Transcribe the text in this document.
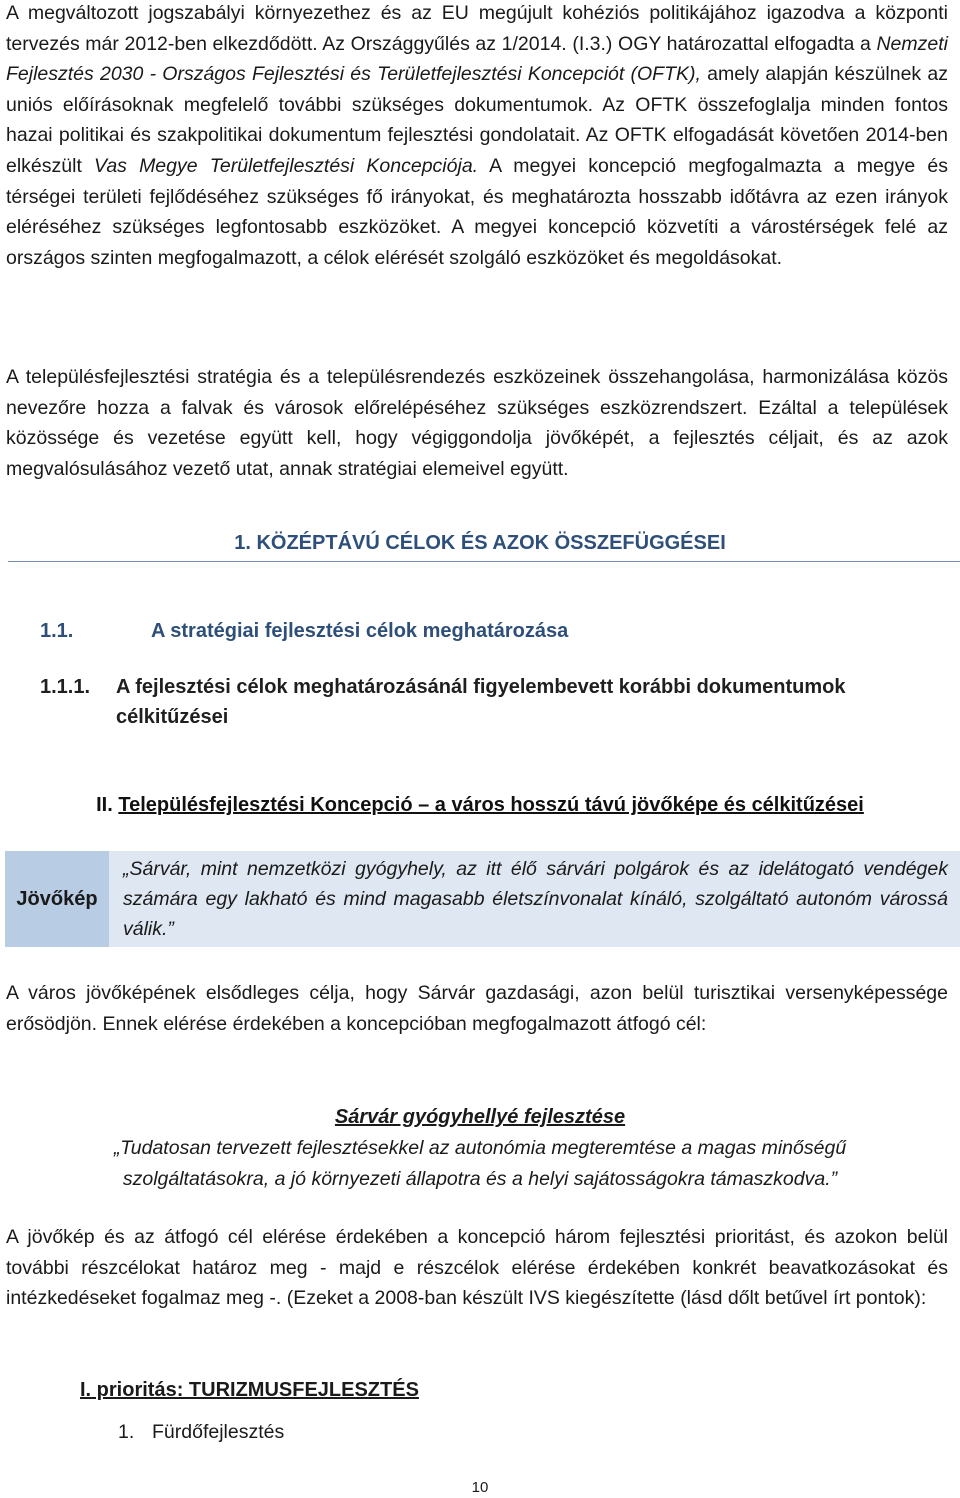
A megváltozott jogszabályi környezethez és az EU megújult kohéziós politikájához igazodva a központi tervezés már 2012-ben elkezdődött. Az Országgyűlés az 1/2014. (I.3.) OGY határozattal elfogadta a Nemzeti Fejlesztés 2030 - Országos Fejlesztési és Területfejlesztési Koncepciót (OFTK), amely alapján készülnek az uniós előírásoknak megfelelő további szükséges dokumentumok. Az OFTK összefoglalja minden fontos hazai politikai és szakpolitikai dokumentum fejlesztési gondolatait. Az OFTK elfogadását követően 2014-ben elkészült Vas Megye Területfejlesztési Koncepciója. A megyei koncepció megfogalmazta a megye és térségei területi fejlődéséhez szükséges fő irányokat, és meghatározta hosszabb időtávra az ezen irányok eléréséhez szükséges legfontosabb eszközöket. A megyei koncepció közvetíti a várostérségek felé az országos szinten megfogalmazott, a célok elérését szolgáló eszközöket és megoldásokat.

A településfejlesztési stratégia és a településrendezés eszközeinek összehangolása, harmonizálása közös nevezőre hozza a falvak és városok előrelépéséhez szükséges eszközrendszert. Ezáltal a települések közössége és vezetése együtt kell, hogy végiggondolja jövőképét, a fejlesztés céljait, és az azok megvalósulásához vezető utat, annak stratégiai elemeivel együtt.

1. KÖZÉPTÁVÚ CÉLOK ÉS AZOK ÖSSZEFÜGGÉSEI
1.1.	A stratégiai fejlesztési célok meghatározása
1.1.1. A fejlesztési célok meghatározásánál figyelembevett korábbi dokumentumok célkitűzései
II. Településfejlesztési Koncepció – a város hosszú távú jövőképe és célkitűzései
Jövőkép
„Sárvár, mint nemzetközi gyógyhely, az itt élő sárvári polgárok és az idelátogató vendégek számára egy lakható és mind magasabb életszínvonalat kínáló, szolgáltató autonóm várossá válik.”

A város jövőképének elsődleges célja, hogy Sárvár gazdasági, azon belül turisztikai versenyképessége erősödjön. Ennek elérése érdekében a koncepcióban megfogalmazott átfogó cél:

Sárvár gyógyhellyé fejlesztése
„Tudatosan tervezett fejlesztésekkel az autonómia megteremtése a magas minőségű szolgáltatásokra, a jó környezeti állapotra és a helyi sajátosságokra támaszkodva.”

A jövőkép és az átfogó cél elérése érdekében a koncepció három fejlesztési prioritást, és azokon belül további részcélokat határoz meg - majd e részcélok elérése érdekében konkrét beavatkozásokat és intézkedéseket fogalmaz meg -. (Ezeket a 2008-ban készült IVS kiegészítette (lásd dőlt betűvel írt pontok):

I. prioritás: TURIZMUSFEJLESZTÉS
1. Fürdőfejlesztés
10
